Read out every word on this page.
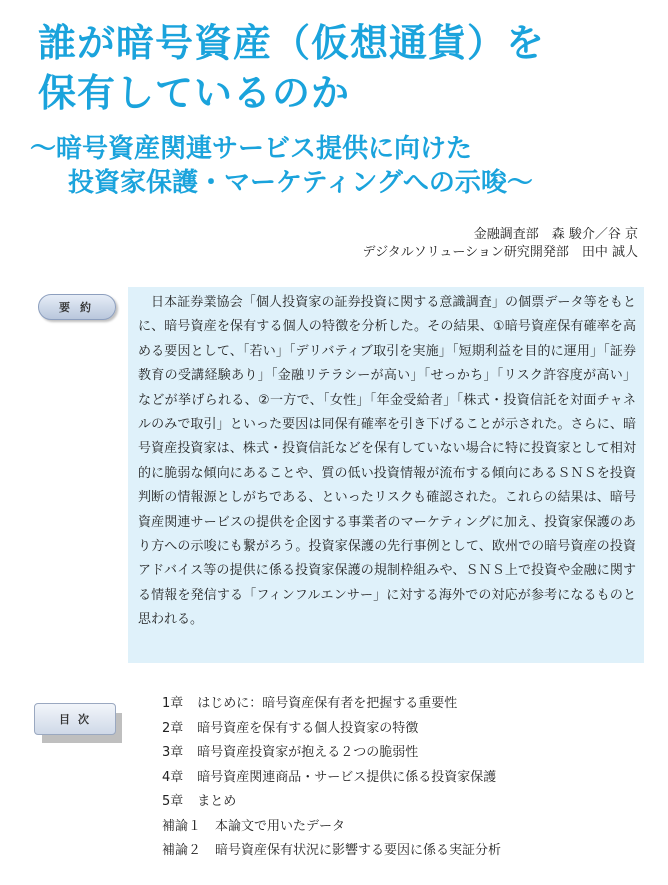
誰が暗号資産（仮想通貨）を
保有しているのか
～暗号資産関連サービス提供に向けた
投資家保護・マーケティングへの示唆～
金融調査部　森 駿介／谷 京
デジタルソリューション研究開発部　田中 誠人
要約	日本証券業協会「個人投資家の証券投資に関する意識調査」の個票データ等をもとに、暗号資産を保有する個人の特徴を分析した。その結果、①暗号資産保有確率を高める要因として、「若い」「デリバティブ取引を実施」「短期利益を目的に運用」「証券教育の受講経験あり」「金融リテラシーが高い」「せっかち」「リスク許容度が高い」などが挙げられる、②一方で、「女性」「年金受給者」「株式・投資信託を対面チャネルのみで取引」といった要因は同保有確率を引き下げることが示された。さらに、暗号資産投資家は、株式・投資信託などを保有していない場合に特に投資家として相対的に脆弱な傾向にあることや、質の低い投資情報が流布する傾向にあるＳＮＳを投資判断の情報源としがちである、といったリスクも確認された。これらの結果は、暗号資産関連サービスの提供を企図する事業者のマーケティングに加え、投資家保護のあり方への示唆にも繋がろう。投資家保護の先行事例として、欧州での暗号資産の投資アドバイス等の提供に係る投資家保護の規制枠組みや、ＳＮＳ上で投資や金融に関する情報を発信する「フィンフルエンサー」に対する海外での対応が参考になるものと思われる。

目次
1章 はじめに：暗号資産保有者を把握する重要性
2章 暗号資産を保有する個人投資家の特徴
3章 暗号資産投資家が抱える２つの脆弱性
4章 暗号資産関連商品・サービス提供に係る投資家保護
5章 まとめ
補論１ 本論文で用いたデータ
補論２ 暗号資産保有状況に影響する要因に係る実証分析
